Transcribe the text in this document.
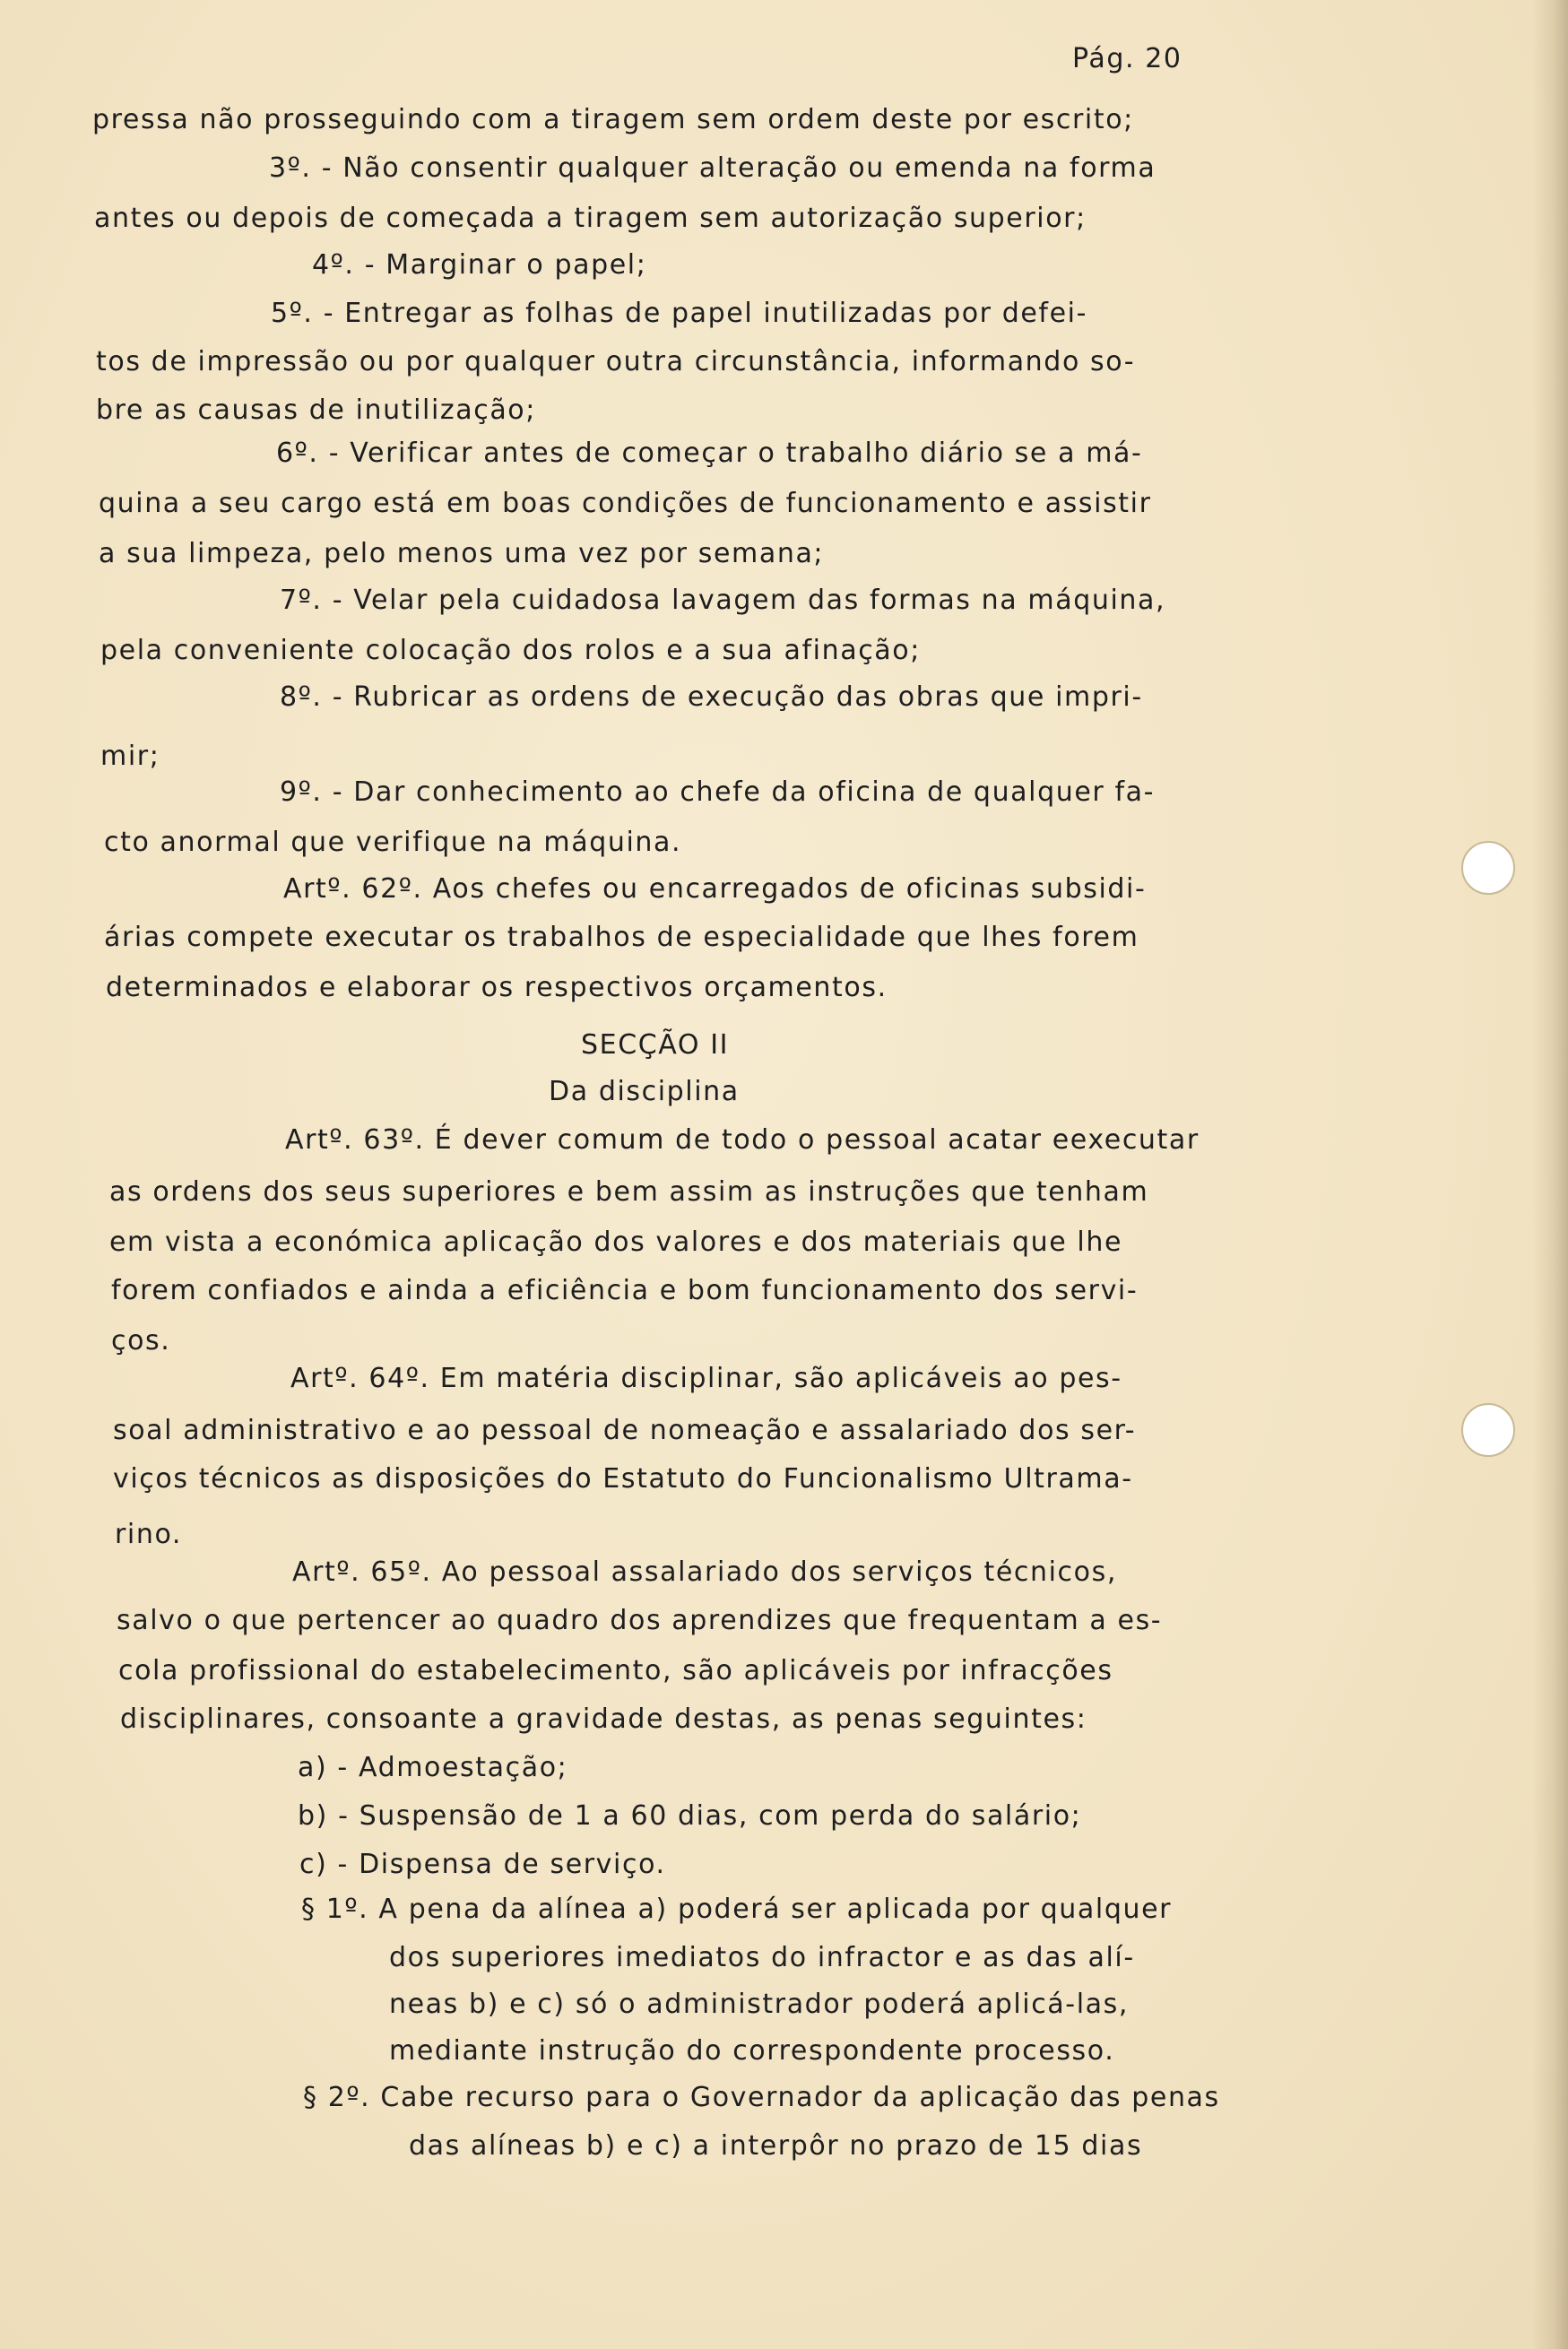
Pág. 20
pressa não prosseguindo com a tiragem sem ordem deste por escrito;
3º. - Não consentir qualquer alteração ou emenda na forma
antes ou depois de começada a tiragem sem autorização superior;
4º. - Marginar o papel;
5º. - Entregar as folhas de papel inutilizadas por defei-
tos de impressão ou por qualquer outra circunstância, informando so-
bre as causas de inutilização;
6º. - Verificar antes de começar o trabalho diário se a má-
quina a seu cargo está em boas condições de funcionamento e assistir
a sua limpeza, pelo menos uma vez por semana;
7º. - Velar pela cuidadosa lavagem das formas na máquina,
pela conveniente colocação dos rolos e a sua afinação;
8º. - Rubricar as ordens de execução das obras que impri-
mir;
9º. - Dar conhecimento ao chefe da oficina de qualquer fa-
cto anormal que verifique na máquina.
Artº. 62º. Aos chefes ou encarregados de oficinas subsidi-
árias compete executar os trabalhos de especialidade que lhes forem
determinados e elaborar os respectivos orçamentos.
SECÇÃO II
Da disciplina
Artº. 63º. É dever comum de todo o pessoal acatar eexecutar
as ordens dos seus superiores e bem assim as instruções que tenham
em vista a económica aplicação dos valores e dos materiais que lhe
forem confiados e ainda a eficiência e bom funcionamento dos servi-
ços.
Artº. 64º. Em matéria disciplinar, são aplicáveis ao pes-
soal administrativo e ao pessoal de nomeação e assalariado dos ser-
viços técnicos as disposições do Estatuto do Funcionalismo Ultrama-
rino.
Artº. 65º. Ao pessoal assalariado dos serviços técnicos,
salvo o que pertencer ao quadro dos aprendizes que frequentam a es-
cola profissional do estabelecimento, são aplicáveis por infracções
disciplinares, consoante a gravidade destas, as penas seguintes:
a) - Admoestação;
b) - Suspensão de 1 a 60 dias, com perda do salário;
c) - Dispensa de serviço.
§ 1º. A pena da alínea a) poderá ser aplicada por qualquer
dos superiores imediatos do infractor e as das alí-
neas b) e c) só o administrador poderá aplicá-las,
mediante instrução do correspondente processo.
§ 2º. Cabe recurso para o Governador da aplicação das penas
das alíneas b) e c) a interpôr no prazo de 15 dias
